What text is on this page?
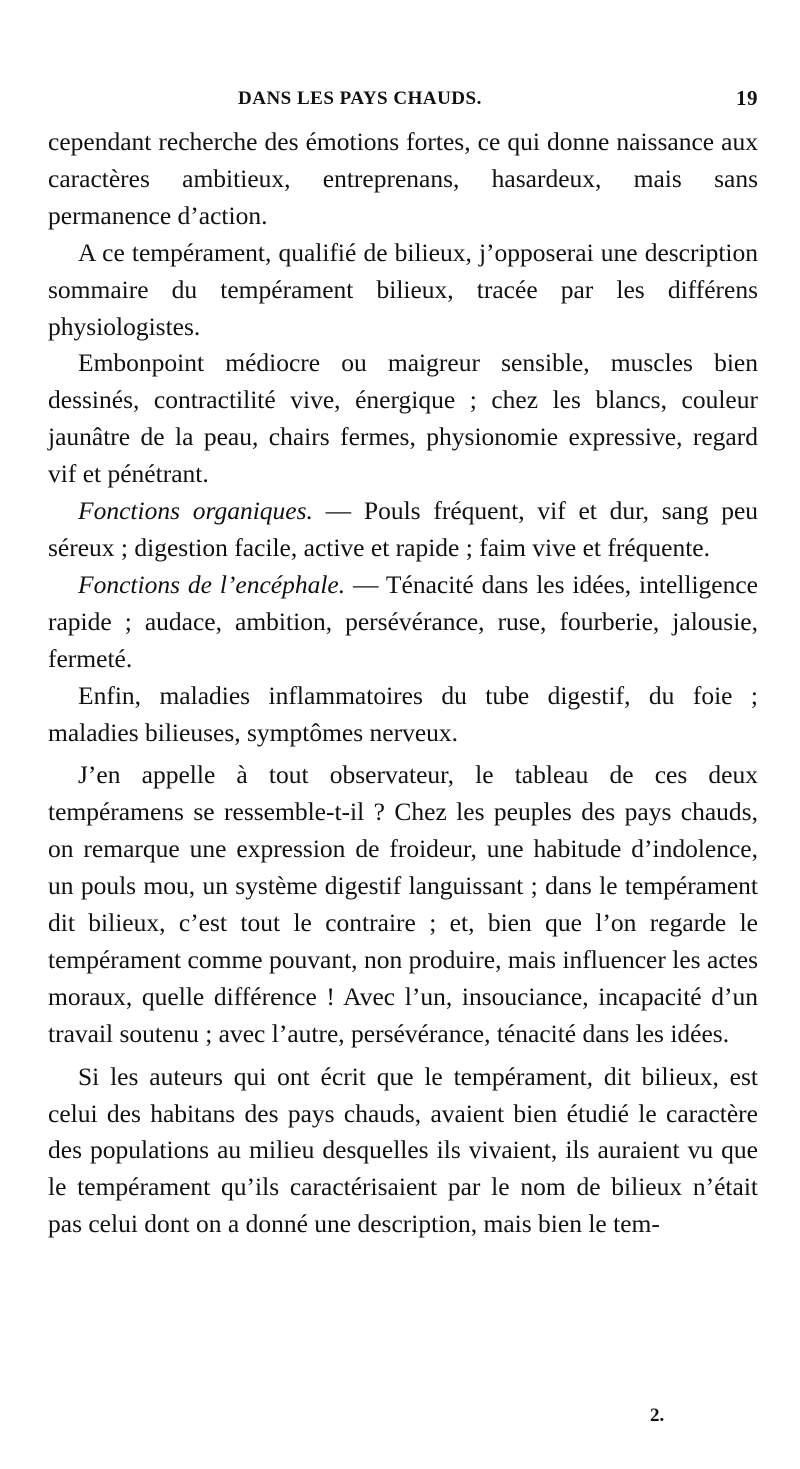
DANS LES PAYS CHAUDS.	19

cependant recherche des émotions fortes, ce qui donne naissance aux caractères ambitieux, entreprenans, hasardeux, mais sans permanence d’action.

A ce tempérament, qualifié de bilieux, j’opposerai une description sommaire du tempérament bilieux, tracée par les différens physiologistes.

Embonpoint médiocre ou maigreur sensible, muscles bien dessinés, contractilité vive, énergique ; chez les blancs, couleur jaunâtre de la peau, chairs fermes, physionomie expressive, regard vif et pénétrant.

Fonctions organiques. — Pouls fréquent, vif et dur, sang peu séreux ; digestion facile, active et rapide ; faim vive et fréquente.

Fonctions de l’encéphale. — Ténacité dans les idées, intelligence rapide ; audace, ambition, persévérance, ruse, fourberie, jalousie, fermeté.

Enfin, maladies inflammatoires du tube digestif, du foie ; maladies bilieuses, symptômes nerveux.

J’en appelle à tout observateur, le tableau de ces deux tempéramens se ressemble-t-il ? Chez les peuples des pays chauds, on remarque une expression de froideur, une habitude d’indolence, un pouls mou, un système digestif languissant ; dans le tempérament dit bilieux, c’est tout le contraire ; et, bien que l’on regarde le tempérament comme pouvant, non produire, mais influencer les actes moraux, quelle différence ! Avec l’un, insouciance, incapacité d’un travail soutenu ; avec l’autre, persévérance, ténacité dans les idées.

Si les auteurs qui ont écrit que le tempérament, dit bilieux, est celui des habitans des pays chauds, avaient bien étudié le caractère des populations au milieu desquelles ils vivaient, ils auraient vu que le tempérament qu’ils caractérisaient par le nom de bilieux n’était pas celui dont on a donné une description, mais bien le tem-

2.
